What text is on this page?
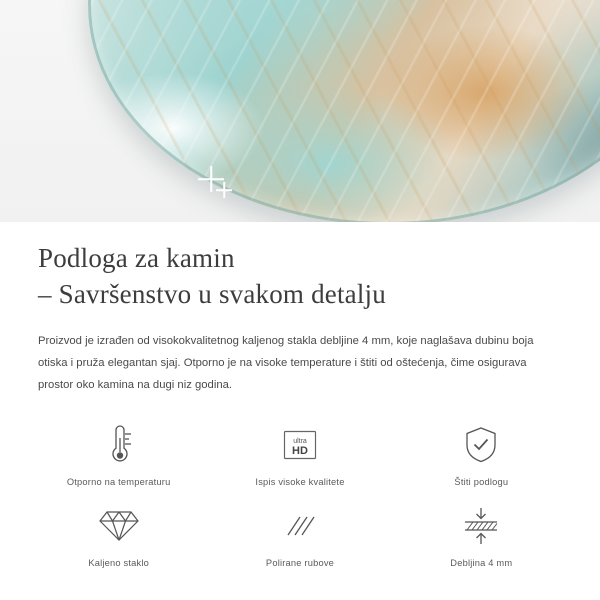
Podloga za kamin
– Savršenstvo u svakom detalju

Proizvod je izrađen od visokokvalitetnog kaljenog stakla debljine 4 mm, koje naglašava dubinu boja otiska i pruža elegantan sjaj. Otporno je na visoke temperature i štiti od oštećenja, čime osigurava prostor oko kamina na dugi niz godina.

Otporno na temperaturu
ultra
HD
Ispis visoke kvalitete	Štiti podlogu
Kaljeno staklo	Polirane rubove	Debljina 4 mm
